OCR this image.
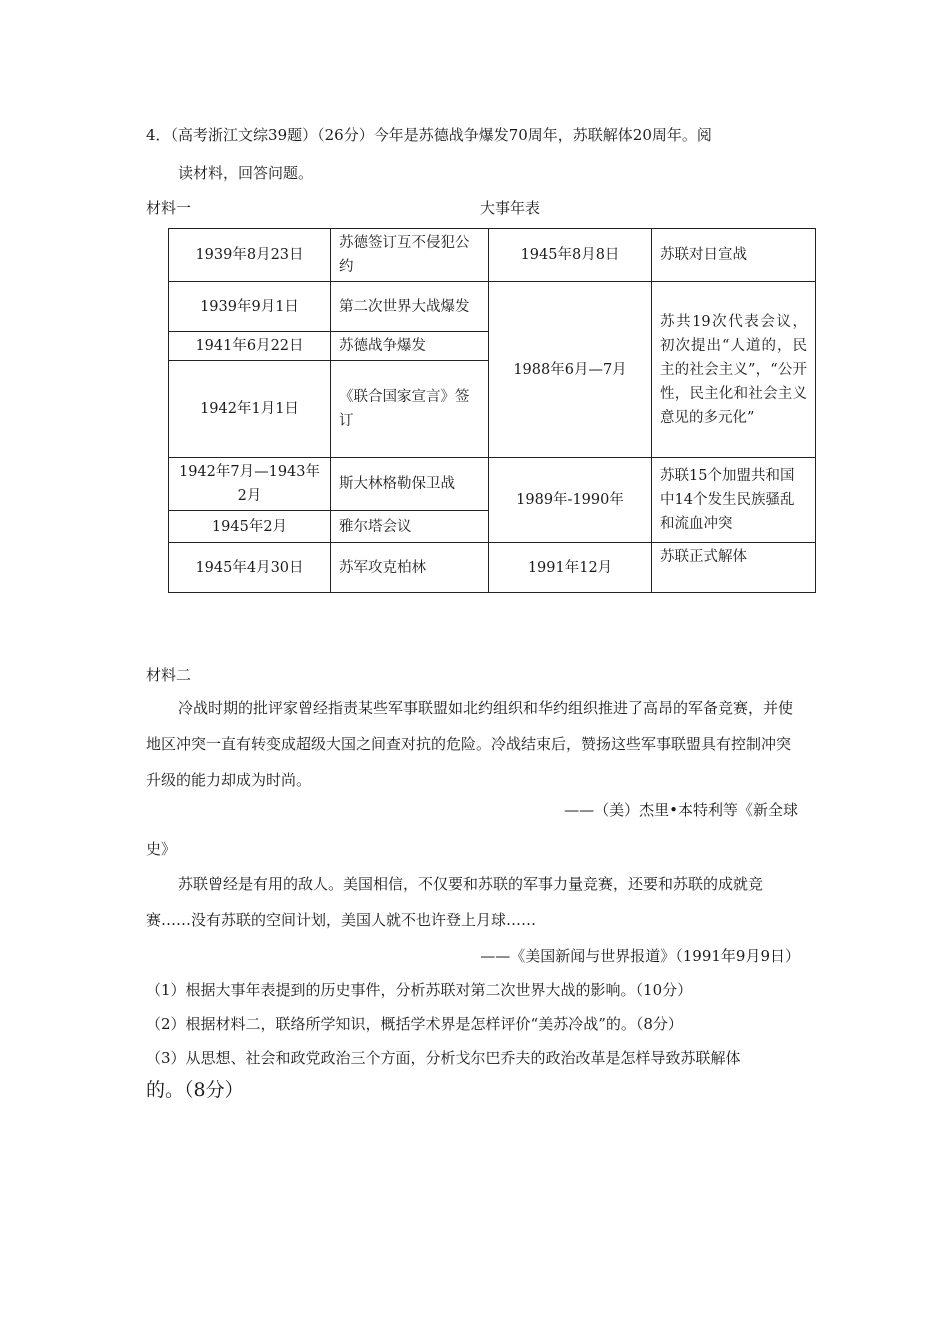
4．（高考浙江文综39题）（26分）今年是苏德战争爆发70周年，苏联解体20周年。阅
读材料，回答问题。
材料一	大事年表
1939年8月23日	苏德签订互不侵犯公约	1945年8月8日	苏联对日宣战
1939年9月1日	第二次世界大战爆发	1988年6月—7月	苏共19次代表会议，初次提出“人道的，民主的社会主义”，“公开性，民主化和社会主义意见的多元化”
1941年6月22日	苏德战争爆发		
1942年1月1日	《联合国家宣言》签订		
1942年7月—1943年2月	斯大林格勒保卫战	1989年-1990年	苏联15个加盟共和国中14个发生民族骚乱和流血冲突
1945年2月	雅尔塔会议		
1945年4月30日	苏军攻克柏林	1991年12月	苏联正式解体
材料二
冷战时期的批评家曾经指责某些军事联盟如北约组织和华约组织推进了高昂的军备竞赛，并使地区冲突一直有转变成超级大国之间查对抗的危险。冷战结束后，赞扬这些军事联盟具有控制冲突升级的能力却成为时尚。
——（美）杰里•本特利等《新全球
史》
苏联曾经是有用的敌人。美国相信，不仅要和苏联的军事力量竞赛，还要和苏联的成就竞赛……没有苏联的空间计划，美国人就不也许登上月球……
——《美国新闻与世界报道》（1991年9月9日）
（1）根据大事年表提到的历史事件，分析苏联对第二次世界大战的影响。（10分）
（2）根据材料二，联络所学知识，概括学术界是怎样评价“美苏冷战”的。（8分）
（3）从思想、社会和政党政治三个方面，分析戈尔巴乔夫的政治改革是怎样导致苏联解体
的。（8分）
